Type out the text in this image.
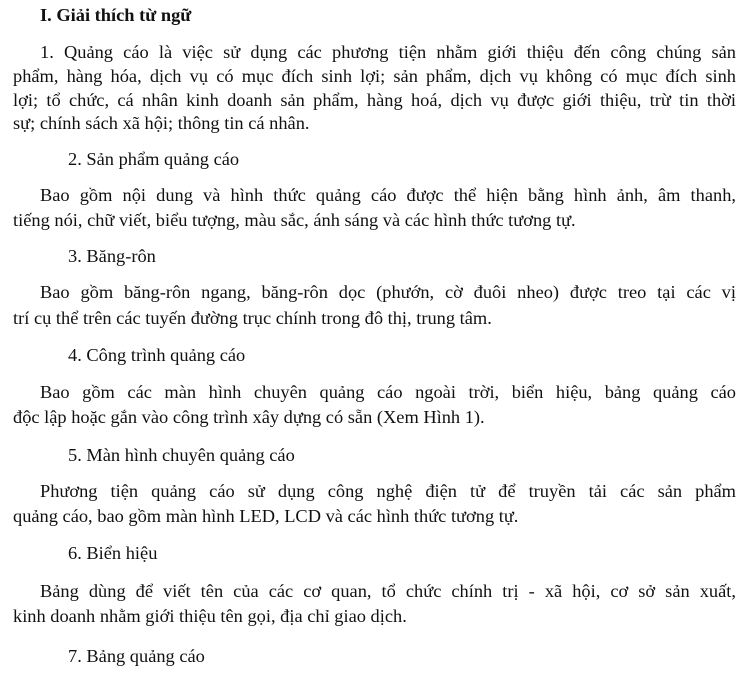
I. Giải thích từ ngữ
1. Quảng cáo là việc sử dụng các phương tiện nhằm giới thiệu đến công chúng sản
phẩm, hàng hóa, dịch vụ có mục đích sinh lợi; sản phẩm, dịch vụ không có mục đích sinh
lợi; tổ chức, cá nhân kinh doanh sản phẩm, hàng hoá, dịch vụ được giới thiệu, trừ tin thời
sự; chính sách xã hội; thông tin cá nhân.
2. Sản phẩm quảng cáo
Bao gồm nội dung và hình thức quảng cáo được thể hiện bằng hình ảnh, âm thanh,
tiếng nói, chữ viết, biểu tượng, màu sắc, ánh sáng và các hình thức tương tự.
3. Băng-rôn
Bao gồm băng-rôn ngang, băng-rôn dọc (phướn, cờ đuôi nheo) được treo tại các vị
trí cụ thể trên các tuyến đường trục chính trong đô thị, trung tâm.
4. Công trình quảng cáo
Bao gồm các màn hình chuyên quảng cáo ngoài trời, biển hiệu, bảng quảng cáo
độc lập hoặc gắn vào công trình xây dựng có sẵn (Xem Hình 1).
5. Màn hình chuyên quảng cáo
Phương tiện quảng cáo sử dụng công nghệ điện tử để truyền tải các sản phẩm
quảng cáo, bao gồm màn hình LED, LCD và các hình thức tương tự.
6. Biển hiệu
Bảng dùng để viết tên của các cơ quan, tổ chức chính trị - xã hội, cơ sở sản xuất,
kinh doanh nhằm giới thiệu tên gọi, địa chỉ giao dịch.
7. Bảng quảng cáo
